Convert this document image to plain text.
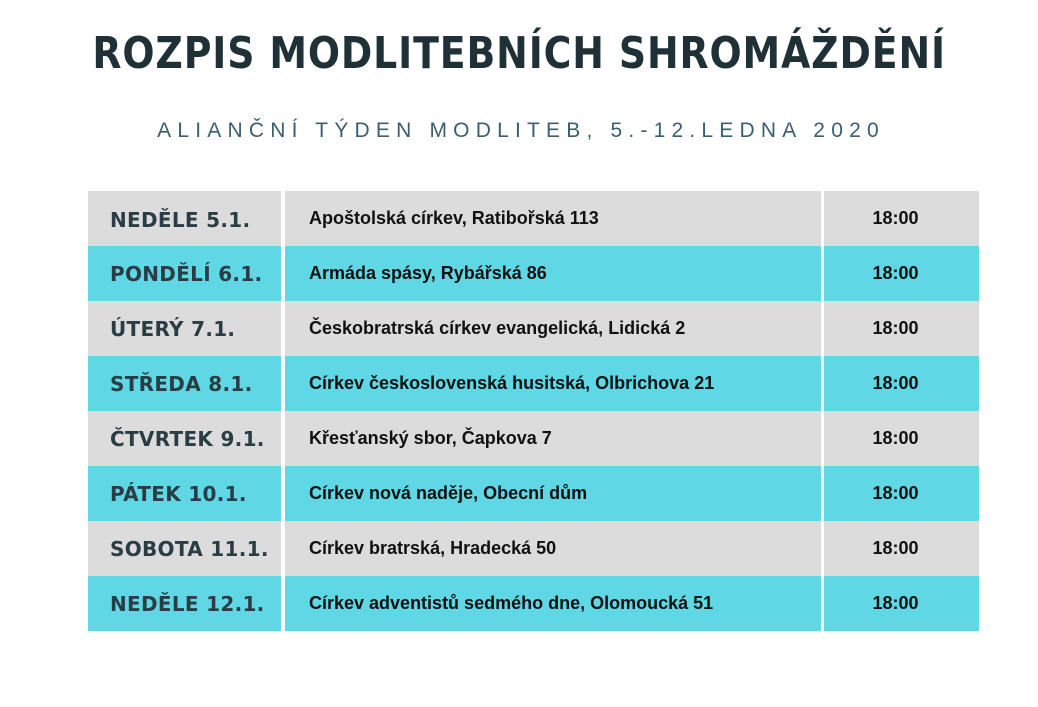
ROZPIS MODLITEBNÍCH SHROMÁŽDĚNÍ
ALIANČNÍ TÝDEN MODLITEB, 5.-12.LEDNA 2020
NEDĚLE 5.1.	Apoštolská církev, Ratibořská 113	18:00
PONDĚLÍ 6.1.	Armáda spásy, Rybářská 86	18:00
ÚTERÝ 7.1.	Českobratrská církev evangelická, Lidická 2	18:00
STŘEDA 8.1.	Církev československá husitská, Olbrichova 21	18:00
ČTVRTEK 9.1.	Křesťanský sbor, Čapkova 7	18:00
PÁTEK 10.1.	Církev nová naděje, Obecní dům	18:00
SOBOTA 11.1.	Církev bratrská, Hradecká 50	18:00
NEDĚLE 12.1.	Církev adventistů sedmého dne, Olomoucká 51	18:00
